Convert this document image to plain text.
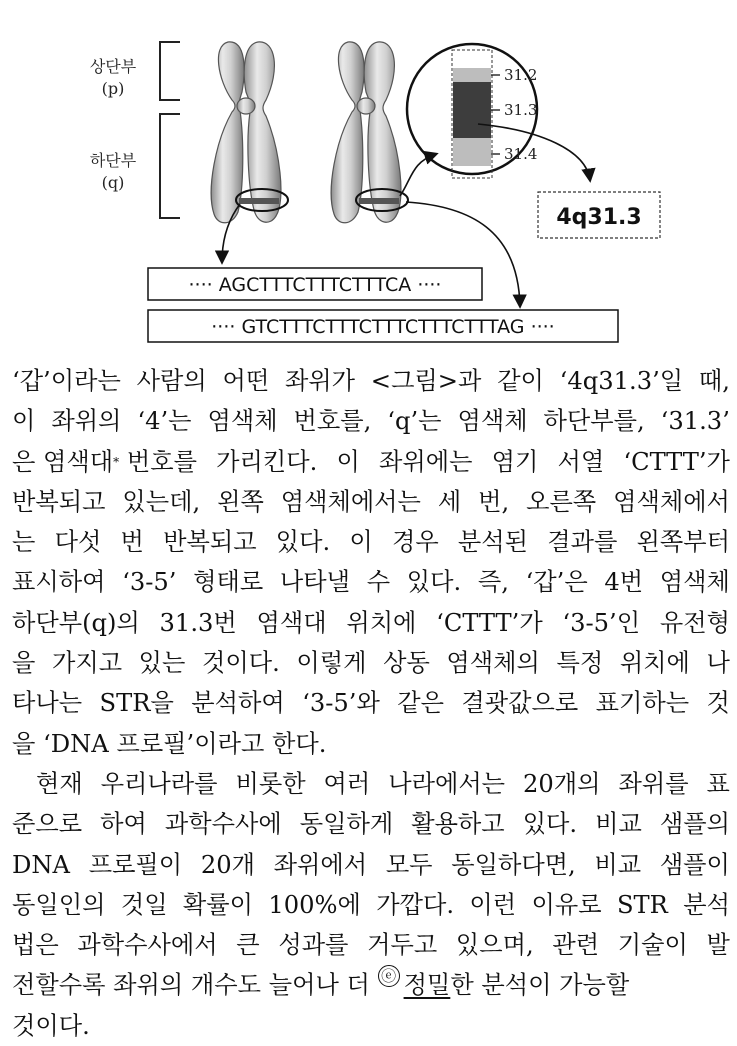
상단부
(p)
하단부
(q)
31.2
31.3
31.4
4q31.3
···· AGCTTTCTTTCTTTCA ····
···· GTCTTTCTTTCTTTCTTTCTTTAG ····
‘갑’이라는 사람의 어떤 좌위가 <그림>과 같이 ‘4q31.3’일 때,
이 좌위의 ‘4’는 염색체 번호를, ‘q’는 염색체 하단부를, ‘31.3’
은 염색대 *
번호를 가리킨다. 이 좌위에는 염기 서열 ‘CTTT’가
반복되고 있는데, 왼쪽 염색체에서는 세 번, 오른쪽 염색체에서
는 다섯 번 반복되고 있다. 이 경우 분석된 결과를 왼쪽부터
표시하여 ‘3-5’ 형태로 나타낼 수 있다. 즉, ‘갑’은 4번 염색체
하단부(q)의 31.3번 염색대 위치에 ‘CTTT’가 ‘3-5’인 유전형
을 가지고 있는 것이다. 이렇게 상동 염색체의 특정 위치에 나
타나는 STR을 분석하여 ‘3-5’와 같은 결괏값으로 표기하는 것
을 ‘DNA 프로필’이라고 한다.
현재 우리나라를 비롯한 여러 나라에서는 20개의 좌위를 표
준으로 하여 과학수사에 동일하게 활용하고 있다. 비교 샘플의
DNA 프로필이 20개 좌위에서 모두 동일하다면, 비교 샘플이
동일인의 것일 확률이 100%에 가깝다. 이런 이유로 STR 분석
법은 과학수사에서 큰 성과를 거두고 있으며, 관련 기술이 발
전할수록 좌위의 개수도 늘어나 더
ⓔ 정밀 한 분석이 가능할
것이다.
